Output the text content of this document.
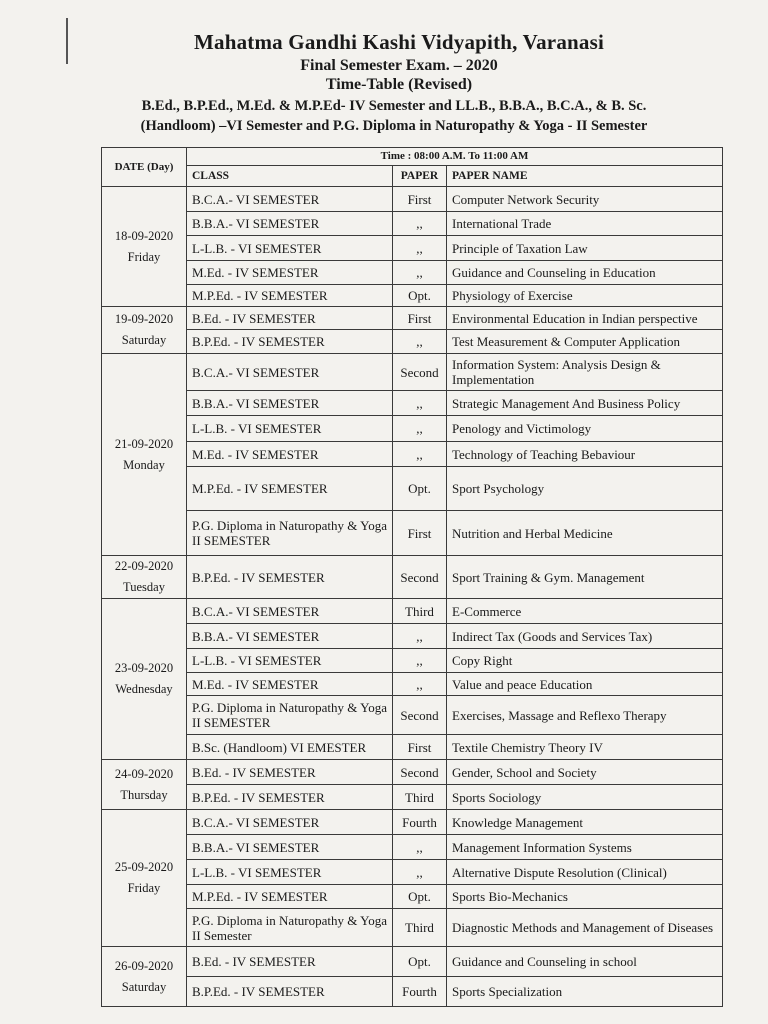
Mahatma Gandhi Kashi Vidyapith, Varanasi
Final Semester Exam. – 2020
Time-Table (Revised)
B.Ed., B.P.Ed., M.Ed. & M.P.Ed- IV Semester and LL.B., B.B.A., B.C.A., & B. Sc.
(Handloom) –VI Semester and P.G. Diploma in Naturopathy & Yoga - II Semester
DATE (Day)	Time : 08:00 A.M. To 11:00 AM		
	CLASS	PAPER	PAPER NAME

18-09-2020
Friday	B.C.A.- VI SEMESTER	First	Computer Network Security
	B.B.A.- VI SEMESTER	,,	International Trade
	L-L.B. - VI SEMESTER	,,	Principle of Taxation Law
	M.Ed. - IV SEMESTER	,,	Guidance and Counseling in Education
	M.P.Ed. - IV SEMESTER	Opt.	Physiology of Exercise

19-09-2020
Saturday	B.Ed. - IV SEMESTER	First	Environmental Education in Indian perspective
	B.P.Ed. - IV SEMESTER	,,	Test Measurement & Computer Application

21-09-2020
Monday	B.C.A.- VI SEMESTER	Second	Information System: Analysis Design & Implementation
	B.B.A.- VI SEMESTER	,,	Strategic Management And Business Policy
	L-L.B. - VI SEMESTER	,,	Penology and Victimology
	M.Ed. - IV SEMESTER	,,	Technology of Teaching Bebaviour
	M.P.Ed. - IV SEMESTER	Opt.	Sport Psychology
	P.G. Diploma in Naturopathy & Yoga II SEMESTER	First	Nutrition and Herbal Medicine

22-09-2020
Tuesday	B.P.Ed. - IV SEMESTER	Second	Sport Training & Gym. Management

23-09-2020
Wednesday	B.C.A.- VI SEMESTER	Third	E-Commerce
	B.B.A.- VI SEMESTER	,,	Indirect Tax (Goods and Services Tax)
	L-L.B. - VI SEMESTER	,,	Copy Right
	M.Ed. - IV SEMESTER	,,	Value and peace Education
	P.G. Diploma in Naturopathy & Yoga II SEMESTER	Second	Exercises, Massage and Reflexo Therapy
	B.Sc. (Handloom) VI EMESTER	First	Textile Chemistry Theory IV

24-09-2020
Thursday	B.Ed. - IV SEMESTER	Second	Gender, School and Society
	B.P.Ed. - IV SEMESTER	Third	Sports Sociology

25-09-2020
Friday	B.C.A.- VI SEMESTER	Fourth	Knowledge Management
	B.B.A.- VI SEMESTER	,,	Management Information Systems
	L-L.B. - VI SEMESTER	,,	Alternative Dispute Resolution (Clinical)
	M.P.Ed. - IV SEMESTER	Opt.	Sports Bio-Mechanics
	P.G. Diploma in Naturopathy & Yoga II Semester	Third	Diagnostic Methods and Management of Diseases

26-09-2020
Saturday	B.Ed. - IV SEMESTER	Opt.	Guidance and Counseling in school
	B.P.Ed. - IV SEMESTER	Fourth	Sports Specialization
